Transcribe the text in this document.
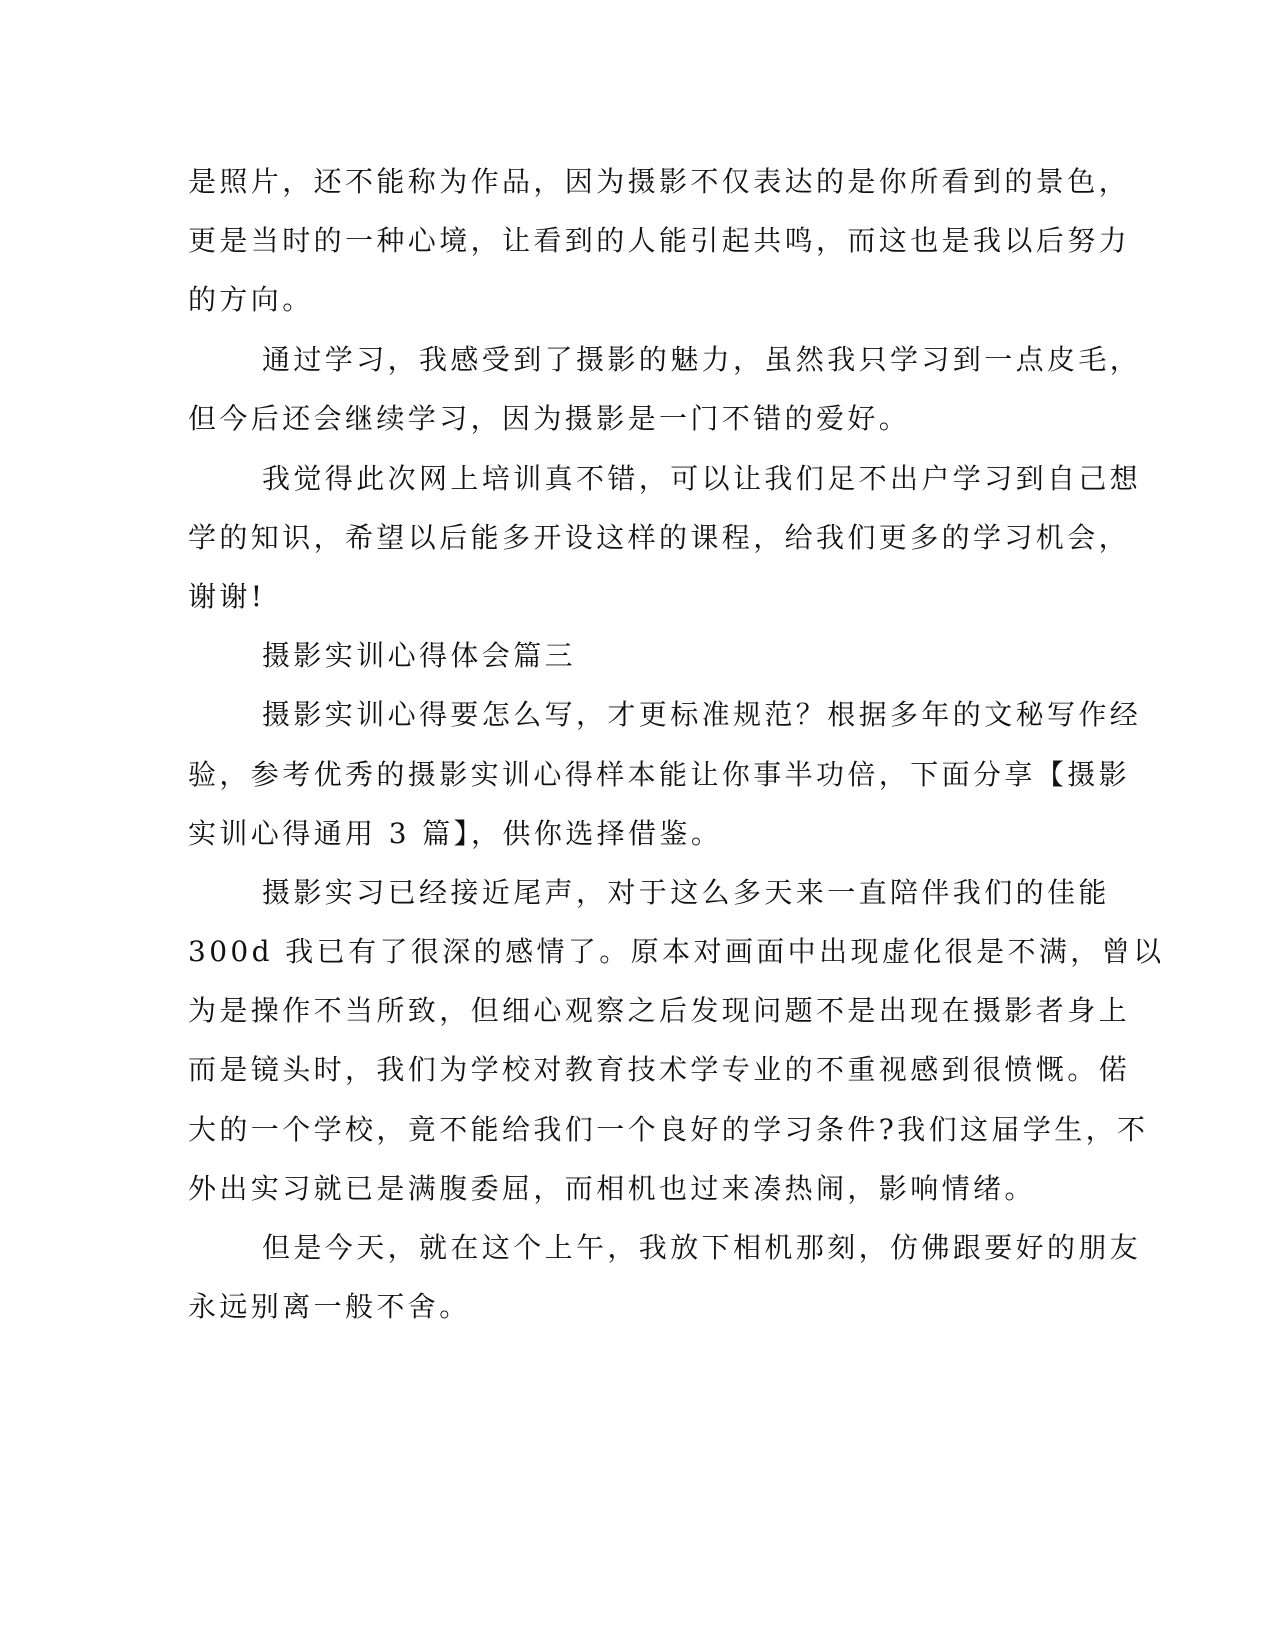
是照片，还不能称为作品，因为摄影不仅表达的是你所看到的景色，
更是当时的一种心境，让看到的人能引起共鸣，而这也是我以后努力
的方向。
通过学习，我感受到了摄影的魅力，虽然我只学习到一点皮毛，
但今后还会继续学习，因为摄影是一门不错的爱好。
我觉得此次网上培训真不错，可以让我们足不出户学习到自己想
学的知识，希望以后能多开设这样的课程，给我们更多的学习机会，
谢谢!
摄影实训心得体会篇三
摄影实训心得要怎么写，才更标准规范？根据多年的文秘写作经
验，参考优秀的摄影实训心得样本能让你事半功倍，下面分享【摄影
实训心得通用 3 篇】，供你选择借鉴。
摄影实习已经接近尾声，对于这么多天来一直陪伴我们的佳能
300d 我已有了很深的感情了。原本对画面中出现虚化很是不满，曾以
为是操作不当所致，但细心观察之后发现问题不是出现在摄影者身上
而是镜头时，我们为学校对教育技术学专业的不重视感到很愤慨。偌
大的一个学校，竟不能给我们一个良好的学习条件?我们这届学生，不
外出实习就已是满腹委屈，而相机也过来凑热闹，影响情绪。
但是今天，就在这个上午，我放下相机那刻，仿佛跟要好的朋友
永远别离一般不舍。
